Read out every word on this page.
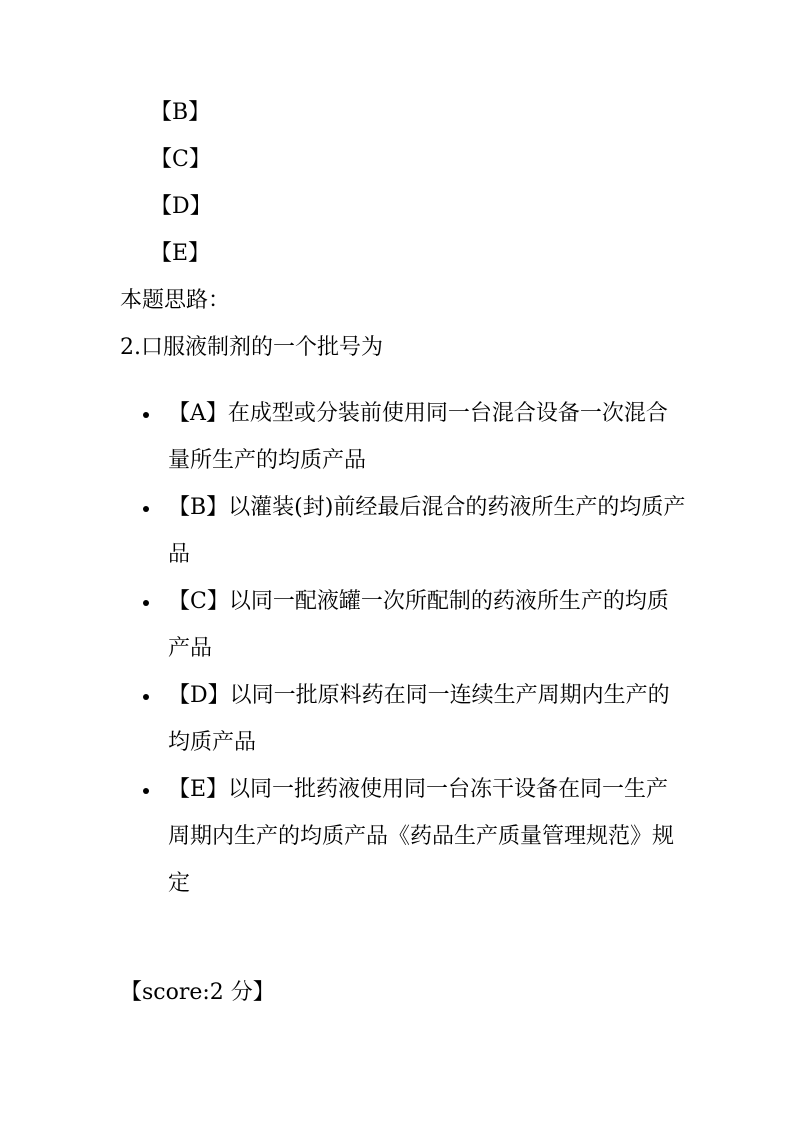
【B】
【C】
【D】
【E】
本题思路：
2.口服液制剂的一个批号为
【A】在成型或分装前使用同一台混合设备一次混合量所生产的均质产品
【B】以灌装(封)前经最后混合的药液所生产的均质产品
【C】以同一配液罐一次所配制的药液所生产的均质产品
【D】以同一批原料药在同一连续生产周期内生产的均质产品
【E】以同一批药液使用同一台冻干设备在同一生产周期内生产的均质产品《药品生产质量管理规范》规定
【score:2 分】
